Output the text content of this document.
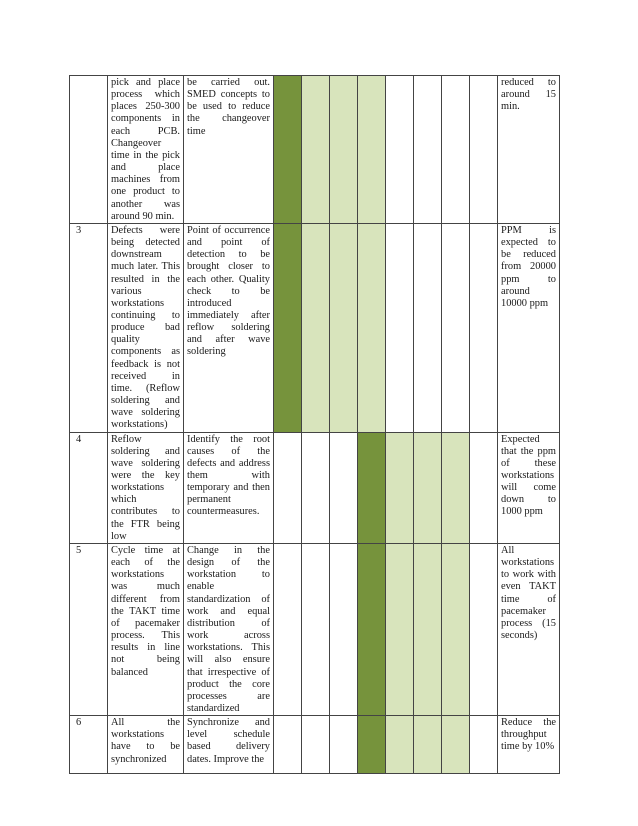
	pick and place process which places 250-300 components in each PCB. Changeover time in the pick and place machines from one product to another was around 90 min.	be carried out. SMED concepts to be used to reduce the changeover time									reduced to around 15 min.

3	Defects were being detected downstream much later. This resulted in the various workstations continuing to produce bad quality components as feedback is not received in time. (Reflow soldering and wave soldering workstations)	Point of occurrence and point of detection to be brought closer to each other. Quality check to be introduced immediately after reflow soldering and after wave soldering									PPM is expected to be reduced from 20000 ppm to around 10000 ppm

4	Reflow soldering and wave soldering were the key workstations which contributes to the FTR being low	Identify the root causes of the defects and address them with temporary and then permanent countermeasures.									Expected that the ppm of these workstations will come down to 1000 ppm

5	Cycle time at each of the workstations was much different from the TAKT time of pacemaker process. This results in line not being balanced	Change in the design of the workstation to enable standardization of work and equal distribution of work across workstations. This will also ensure that irrespective of product the core processes are standardized									All workstations to work with even TAKT time of pacemaker process (15 seconds)

6	All the workstations have to be synchronized	Synchronize and level schedule based delivery dates. Improve the									Reduce the throughput time by 10%
